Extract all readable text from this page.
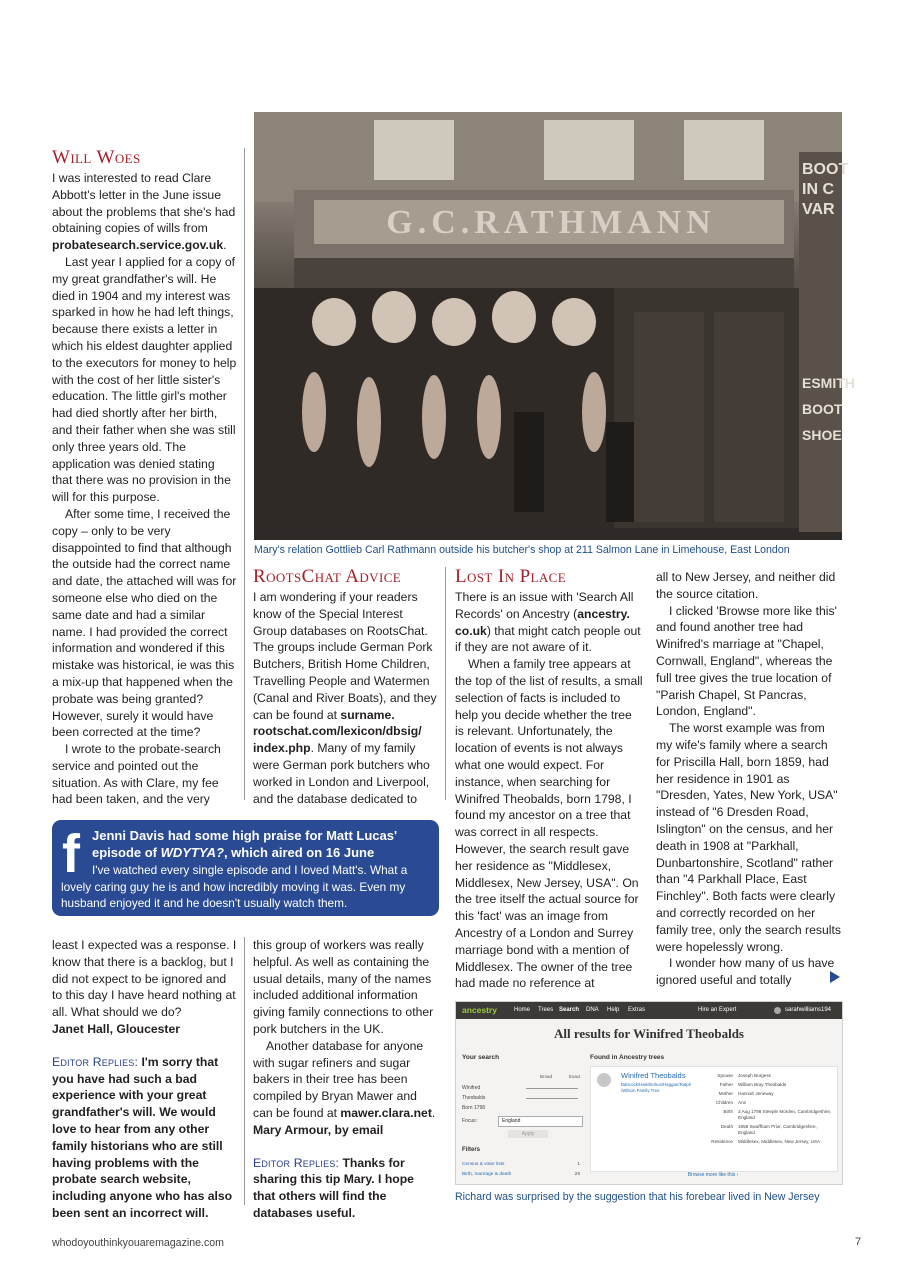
Will Woes

I was interested to read Clare Abbott's letter in the June issue about the problems that she's had obtaining copies of wills from probatesearch.service.gov.uk.

Last year I applied for a copy of my great grandfather's will. He died in 1904 and my interest was sparked in how he had left things, because there exists a letter in which his eldest daughter applied to the executors for money to help with the cost of her little sister's education. The little girl's mother had died shortly after her birth, and their father when she was still only three years old. The application was denied stating that there was no provision in the will for this purpose.

After some time, I received the copy – only to be very disappointed to find that although the outside had the correct name and date, the attached will was for someone else who died on the same date and had a similar name. I had provided the correct information and wondered if this mistake was historical, ie was this a mix-up that happened when the probate was being granted? However, surely it would have been corrected at the time?

I wrote to the probate-search service and pointed out the situation. As with Clare, my fee had been taken, and the very

G.C.RATHMANN
BOOT IN C VAR
ESMITH BOOT SHOE
Mary's relation Gottlieb Carl Rathmann outside his butcher's shop at 211 Salmon Lane in Limehouse, East London
RootsChat Advice

I am wondering if your readers know of the Special Interest Group databases on RootsChat. The groups include German Pork Butchers, British Home Children, Travelling People and Watermen (Canal and River Boats), and they can be found at surname. rootschat.com/lexicon/dbsig/ index.php. Many of my family were German pork butchers who worked in London and Liverpool, and the database dedicated to

f Jenni Davis had some high praise for Matt Lucas' episode of WDYTYA?, which aired on 16 June
I've watched every single episode and I loved Matt's. What a lovely caring guy he is and how incredibly moving it was. Even my husband enjoyed it and he doesn't usually watch them.

least I expected was a response. I know that there is a backlog, but I did not expect to be ignored and to this day I have heard nothing at all. What should we do?

Janet Hall, Gloucester

Editor Replies: I'm sorry that you have had such a bad experience with your great grandfather's will. We would love to hear from any other family historians who are still having problems with the probate search website, including anyone who has also been sent an incorrect will.

this group of workers was really helpful. As well as containing the usual details, many of the names included additional information giving family connections to other pork butchers in the UK.

Another database for anyone with sugar refiners and sugar bakers in their tree has been compiled by Bryan Mawer and can be found at mawer.clara.net.

Mary Armour, by email

Editor Replies: Thanks for sharing this tip Mary. I hope that others will find the databases useful.

Lost In Place

There is an issue with 'Search All Records' on Ancestry (ancestry. co.uk) that might catch people out if they are not aware of it.

When a family tree appears at the top of the list of results, a small selection of facts is included to help you decide whether the tree is relevant. Unfortunately, the location of events is not always what one would expect. For instance, when searching for Winifred Theobalds, born 1798, I found my ancestor on a tree that was correct in all respects. However, the search result gave her residence as "Middlesex, Middlesex, New Jersey, USA". On the tree itself the actual source for this 'fact' was an image from Ancestry of a London and Surrey marriage bond with a mention of Middlesex. The owner of the tree had made no reference at

all to New Jersey, and neither did the source citation.

I clicked 'Browse more like this' and found another tree had Winifred's marriage at "Chapel, Cornwall, England", whereas the full tree gives the true location of "Parish Chapel, St Pancras, London, England".

The worst example was from my wife's family where a search for Priscilla Hall, born 1859, had her residence in 1901 as "Dresden, Yates, New York, USA" instead of "6 Dresden Road, Islington" on the census, and her death in 1908 at "Parkhall, Dunbartonshire, Scotland" rather than "4 Parkhall Place, East Finchley". Both facts were clearly and correctly recorded on her family tree, only the search results were hopelessly wrong.

I wonder how many of us have ignored useful and totally

ancestry	Home Trees Search DNA Help Extras	Hire an Expert	sarahwilliams194
All results for Winifred Theobalds
Your search	Found in Ancestry trees
Broad	Exact
Winifred
Theobalds
Born 1798
Focus:	England
Apply
Filters
Census & voter lists	1
Birth, marriage & death	29
Winifred Theobalds
Babcock/Hale/Bohus/Haggan/Ralph /Wilson Family Tree
Spouse Joseph Burgess
Father William Bray Theobalds
Mother Hannah Jeneway
Children Ann
Birth 3 Aug 1798 Steeple Morden, Cambridgeshire, England
Death 1858 Swaffham Prior, Cambridgeshire, England
Residence Middlesex, Middlesex, New Jersey, USA
Browse more like this ›
Richard was surprised by the suggestion that his forebear lived in New Jersey
whodoyouthinkyouaremagazine.com	7
